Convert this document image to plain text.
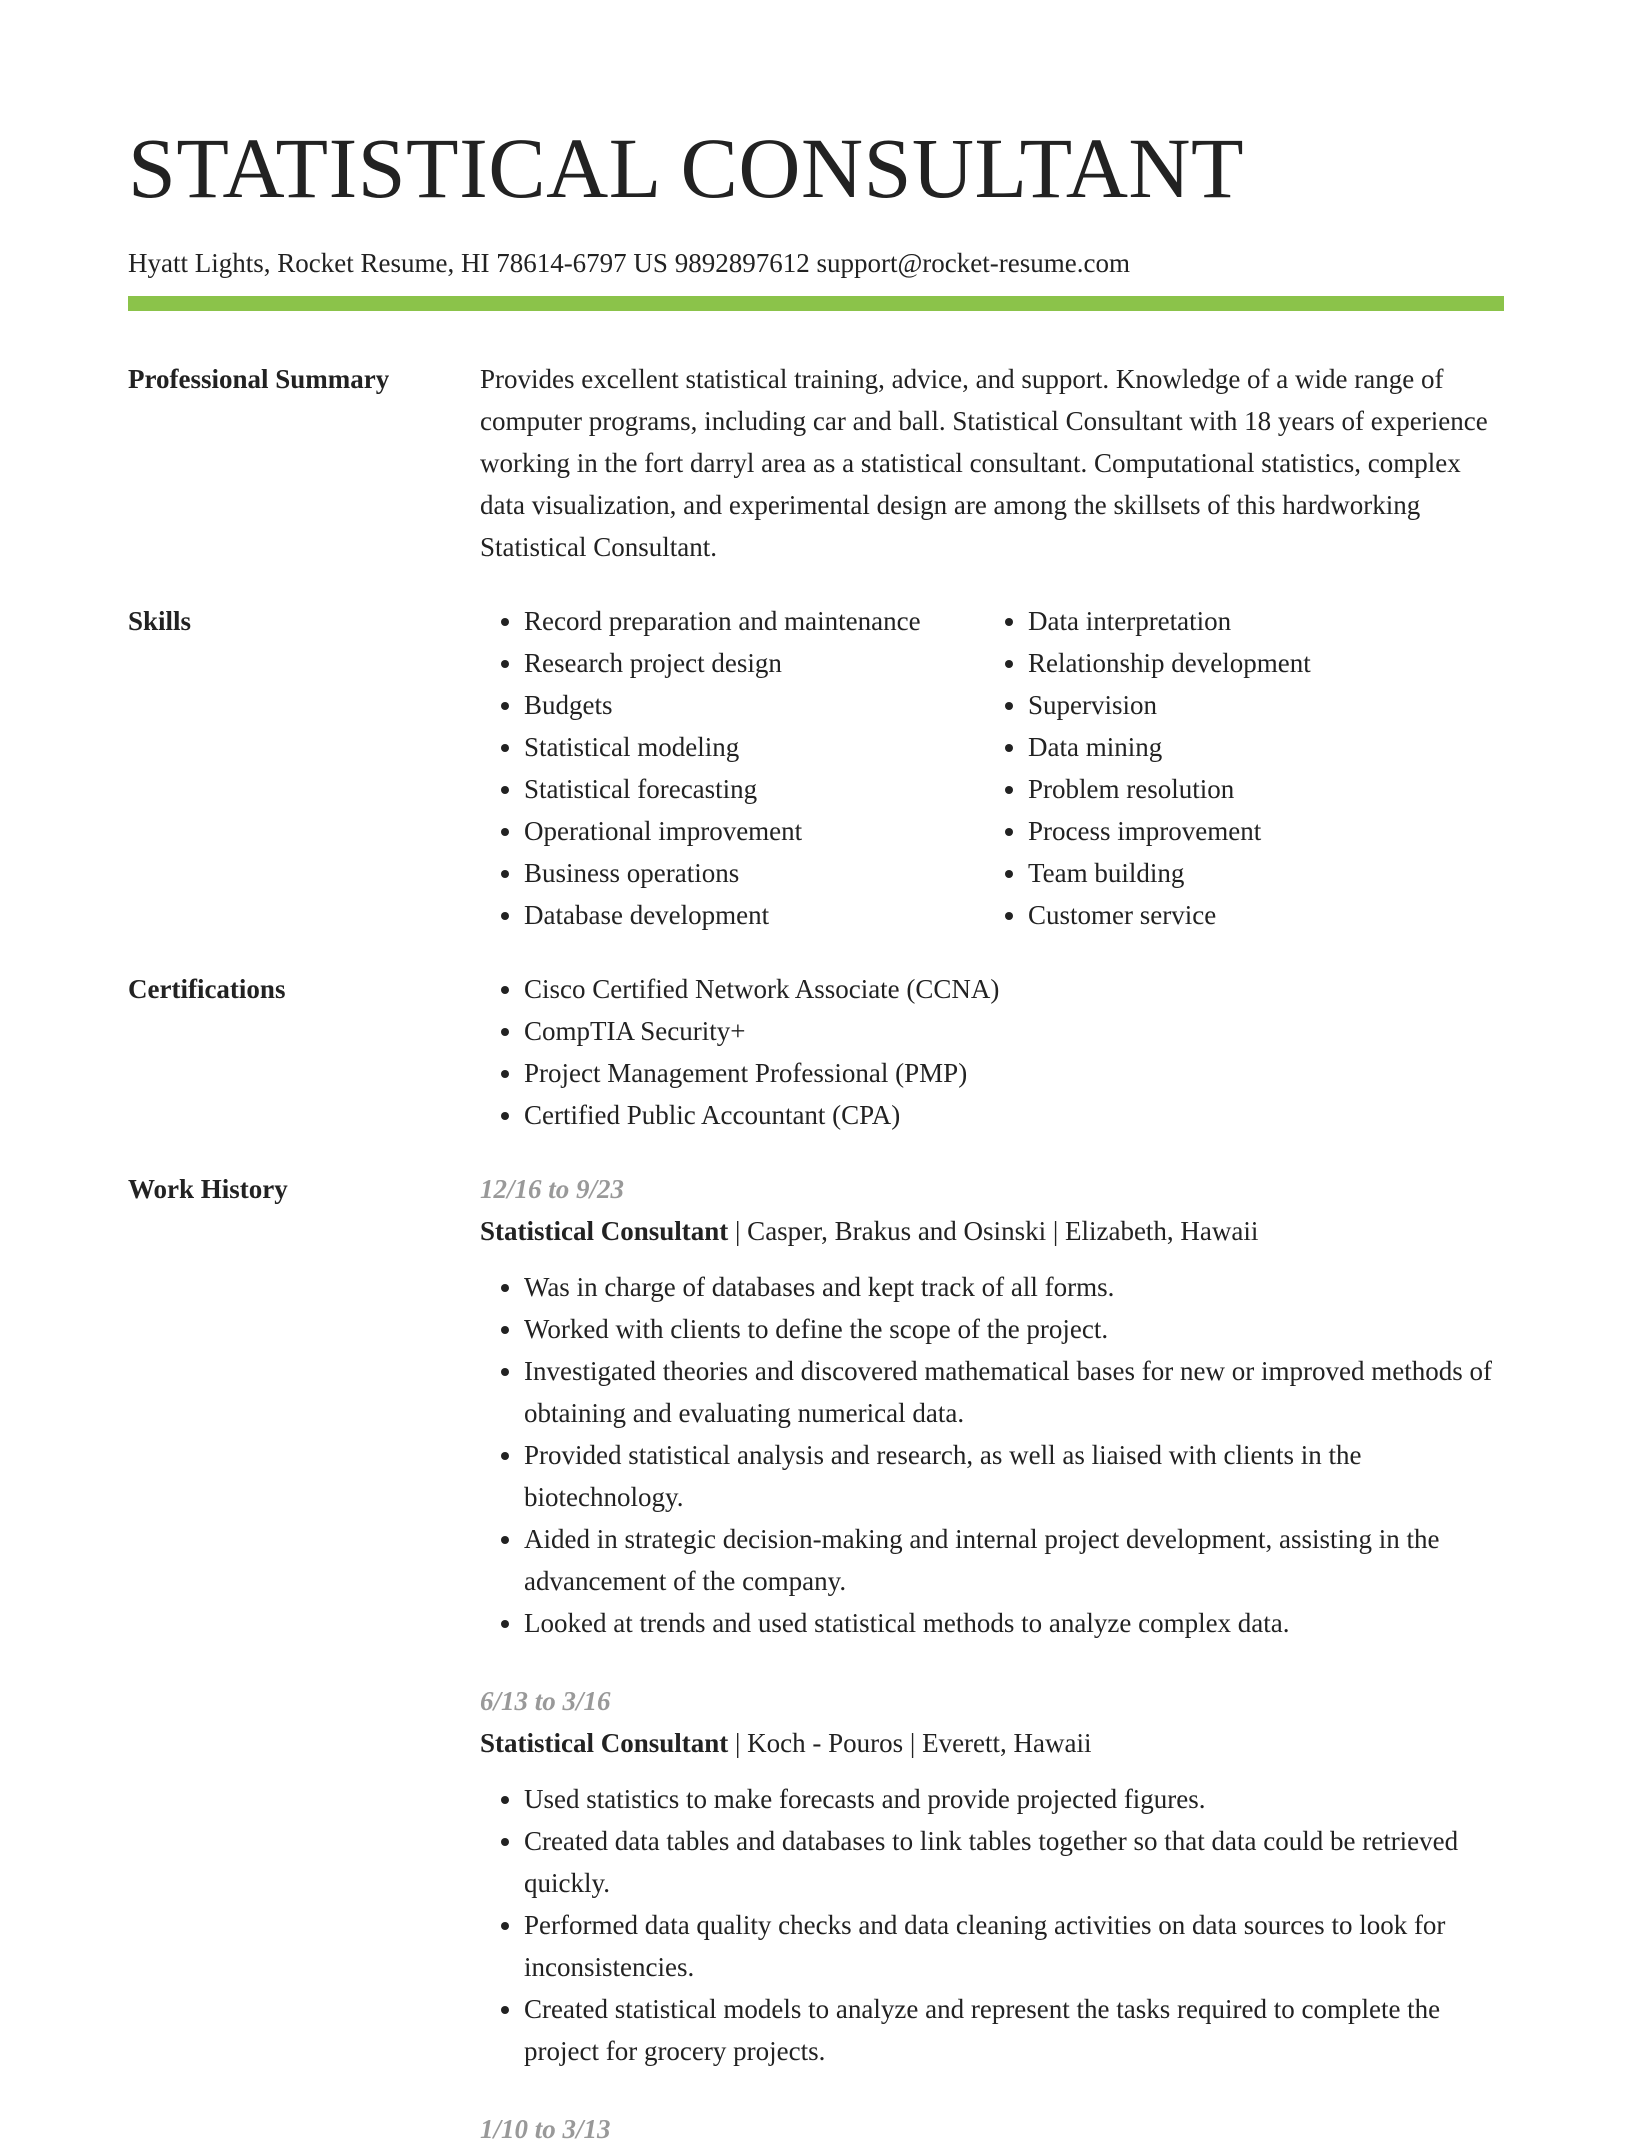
STATISTICAL CONSULTANT
Hyatt Lights, Rocket Resume, HI 78614-6797 US 9892897612 support@rocket-resume.com
Professional Summary	Provides excellent statistical training, advice, and support. Knowledge of a wide range of computer programs, including car and ball. Statistical Consultant with 18 years of experience working in the fort darryl area as a statistical consultant. Computational statistics, complex data visualization, and experimental design are among the skillsets of this hardworking Statistical Consultant.

Skills	• Record preparation and maintenance
• Research project design
• Budgets
• Statistical modeling
• Statistical forecasting
• Operational improvement
• Business operations
• Database development
• Data interpretation
• Relationship development
• Supervision
• Data mining
• Problem resolution
• Process improvement
• Team building
• Customer service
Certifications	• Cisco Certified Network Associate (CCNA)
• CompTIA Security+
• Project Management Professional (PMP)
• Certified Public Accountant (CPA)
Work History	12/16 to 9/23
Statistical Consultant | Casper, Brakus and Osinski | Elizabeth, Hawaii
• Was in charge of databases and kept track of all forms.
• Worked with clients to define the scope of the project.
• Investigated theories and discovered mathematical bases for new or improved methods of obtaining and evaluating numerical data.
• Provided statistical analysis and research, as well as liaised with clients in the biotechnology.
• Aided in strategic decision-making and internal project development, assisting in the advancement of the company.
• Looked at trends and used statistical methods to analyze complex data.
6/13 to 3/16
Statistical Consultant | Koch - Pouros | Everett, Hawaii
• Used statistics to make forecasts and provide projected figures.
• Created data tables and databases to link tables together so that data could be retrieved quickly.
• Performed data quality checks and data cleaning activities on data sources to look for inconsistencies.
• Created statistical models to analyze and represent the tasks required to complete the project for grocery projects.
1/10 to 3/13
